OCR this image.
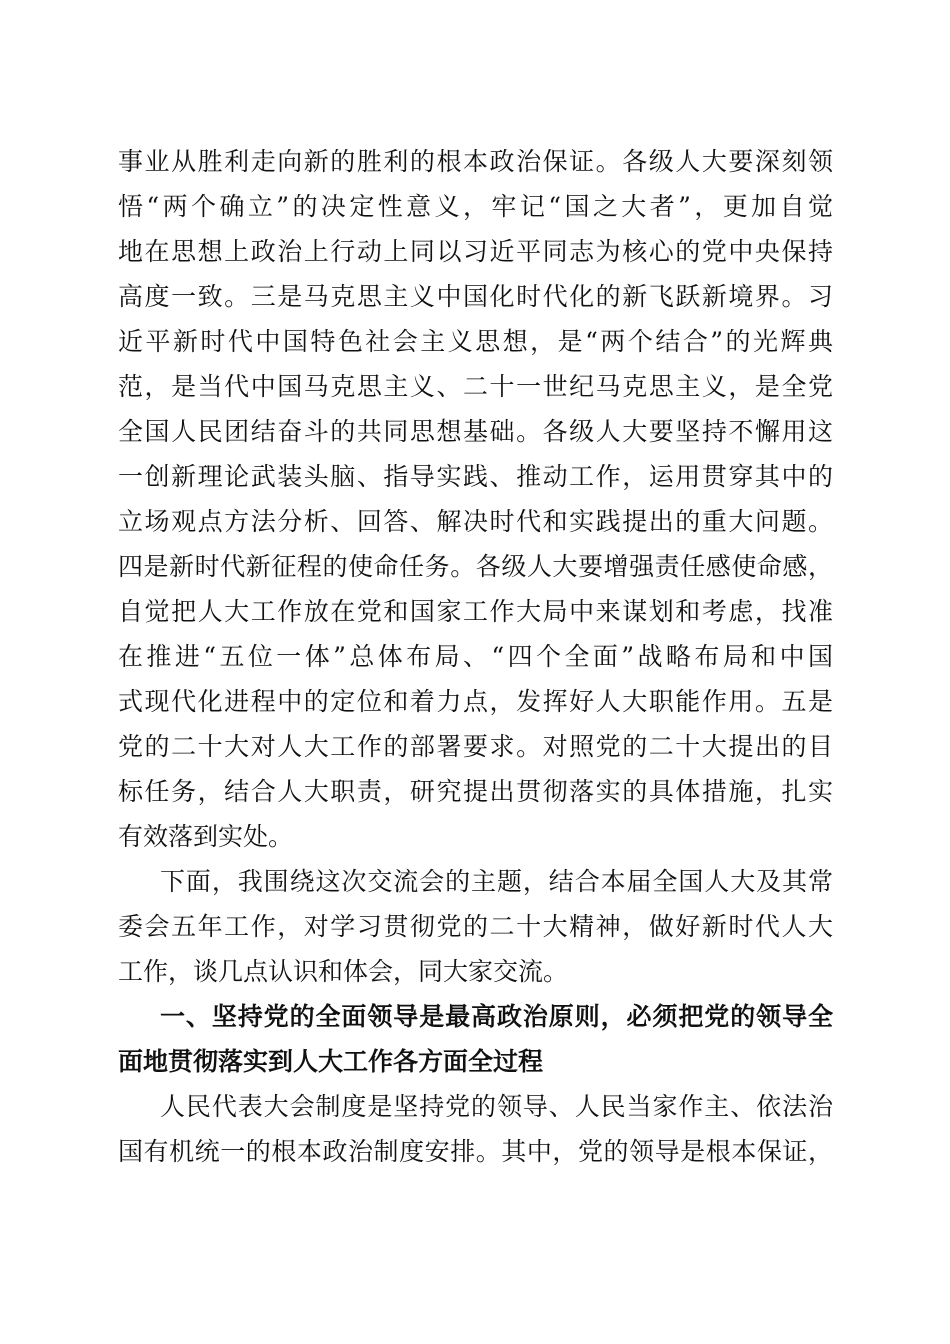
事业从胜利走向新的胜利的根本政治保证。各级人大要深刻领
悟“两个确立”的决定性意义，牢记“国之大者”，更加自觉
地在思想上政治上行动上同以习近平同志为核心的党中央保持
高度一致。三是马克思主义中国化时代化的新飞跃新境界。习
近平新时代中国特色社会主义思想，是“两个结合”的光辉典
范，是当代中国马克思主义、二十一世纪马克思主义，是全党
全国人民团结奋斗的共同思想基础。各级人大要坚持不懈用这
一创新理论武装头脑、指导实践、推动工作，运用贯穿其中的
立场观点方法分析、回答、解决时代和实践提出的重大问题。
四是新时代新征程的使命任务。各级人大要增强责任感使命感，
自觉把人大工作放在党和国家工作大局中来谋划和考虑，找准
在推进“五位一体”总体布局、“四个全面”战略布局和中国
式现代化进程中的定位和着力点，发挥好人大职能作用。五是
党的二十大对人大工作的部署要求。对照党的二十大提出的目
标任务，结合人大职责，研究提出贯彻落实的具体措施，扎实
有效落到实处。
下面，我围绕这次交流会的主题，结合本届全国人大及其常
委会五年工作，对学习贯彻党的二十大精神，做好新时代人大
工作，谈几点认识和体会，同大家交流。
一、坚持党的全面领导是最高政治原则，必须把党的领导全
面地贯彻落实到人大工作各方面全过程
人民代表大会制度是坚持党的领导、人民当家作主、依法治
国有机统一的根本政治制度安排。其中，党的领导是根本保证，
